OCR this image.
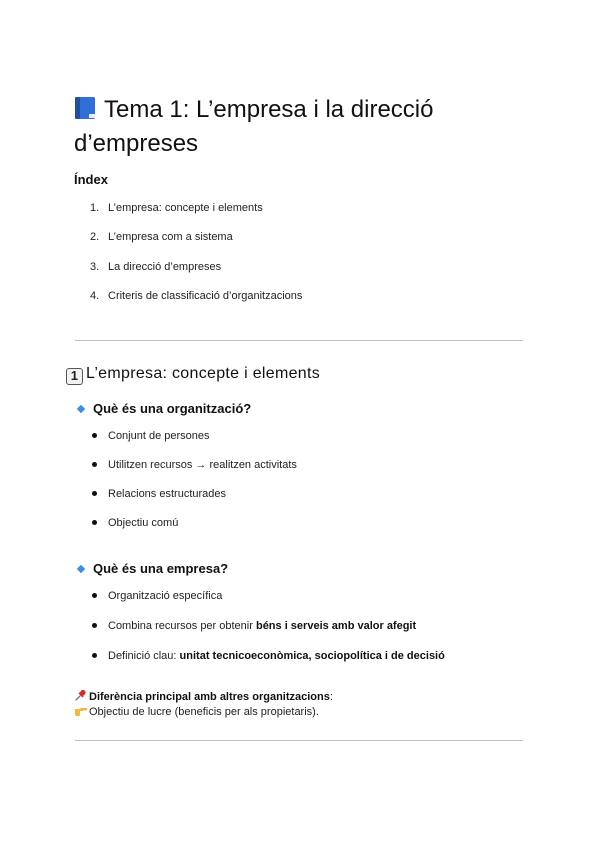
Tema 1: L’empresa i la direcció
d’empreses
Índex
1. L’empresa: concepte i elements
2. L’empresa com a sistema
3. La direcció d’empreses
4. Criteris de classificació d’organitzacions
1 L’empresa: concepte i elements
Què és una organització?
Conjunt de persones
Utilitzen recursos → realitzen activitats
Relacions estructurades
Objectiu comú
Què és una empresa?
Organització específica
Combina recursos per obtenir béns i serveis amb valor afegit
Definició clau: unitat tecnicoeconòmica, sociopolítica i de decisió
Diferència principal amb altres organitzacions:
Objectiu de lucre (beneficis per als propietaris).
